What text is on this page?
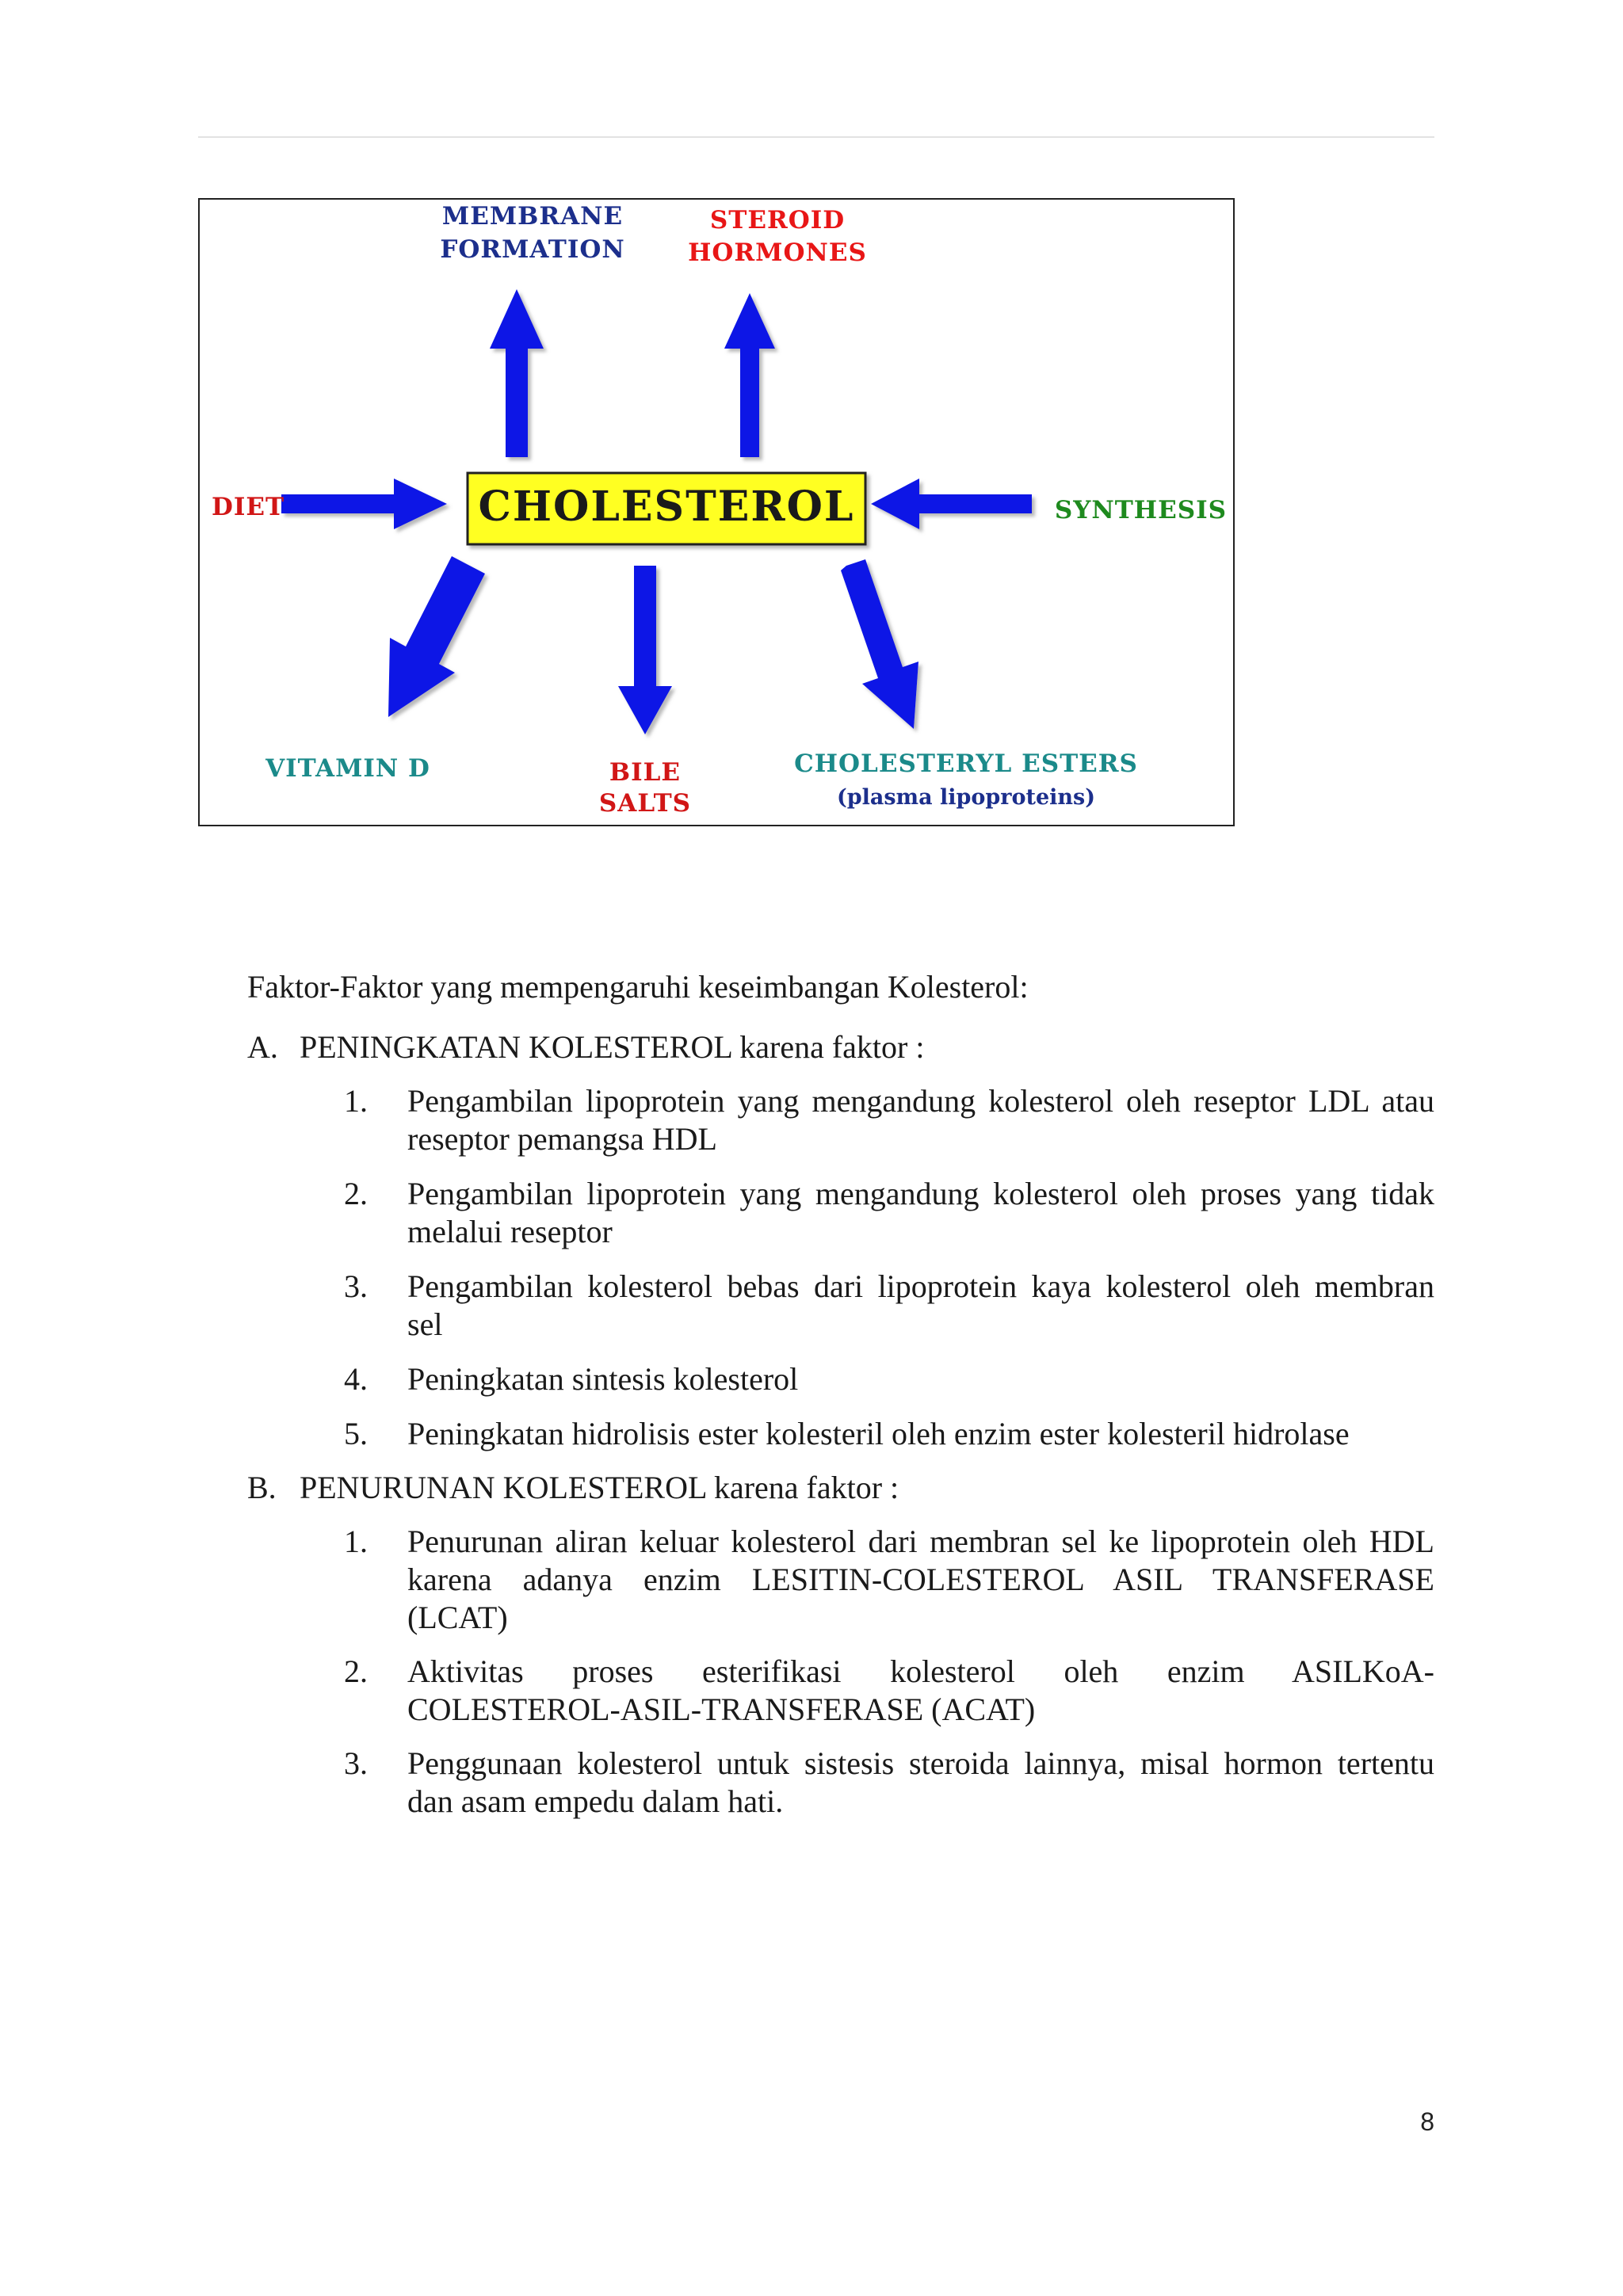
CHOLESTEROL
MEMBRANE
FORMATION
STEROID
HORMONES
DIET	SYNTHESIS
VITAMIN D	BILE
SALTS
CHOLESTERYL ESTERS
(plasma lipoproteins)
Faktor-Faktor yang mempengaruhi keseimbangan Kolesterol:
A. PENINGKATAN KOLESTEROL karena faktor :
1. Pengambilan lipoprotein yang mengandung kolesterol oleh reseptor LDL atau
reseptor pemangsa HDL
2. Pengambilan lipoprotein yang mengandung kolesterol oleh proses yang tidak
melalui reseptor
3. Pengambilan kolesterol bebas dari lipoprotein kaya kolesterol oleh membran
sel
4. Peningkatan sintesis kolesterol
5. Peningkatan hidrolisis ester kolesteril oleh enzim ester kolesteril hidrolase
B. PENURUNAN KOLESTEROL karena faktor :
1. Penurunan aliran keluar kolesterol dari membran sel ke lipoprotein oleh HDL
karena adanya enzim LESITIN-COLESTEROL ASIL TRANSFERASE
(LCAT)
2. Aktivitas proses esterifikasi kolesterol oleh enzim ASILKoA-
COLESTEROL-ASIL-TRANSFERASE (ACAT)
3. Penggunaan kolesterol untuk sistesis steroida lainnya, misal hormon tertentu
dan asam empedu dalam hati.
8
